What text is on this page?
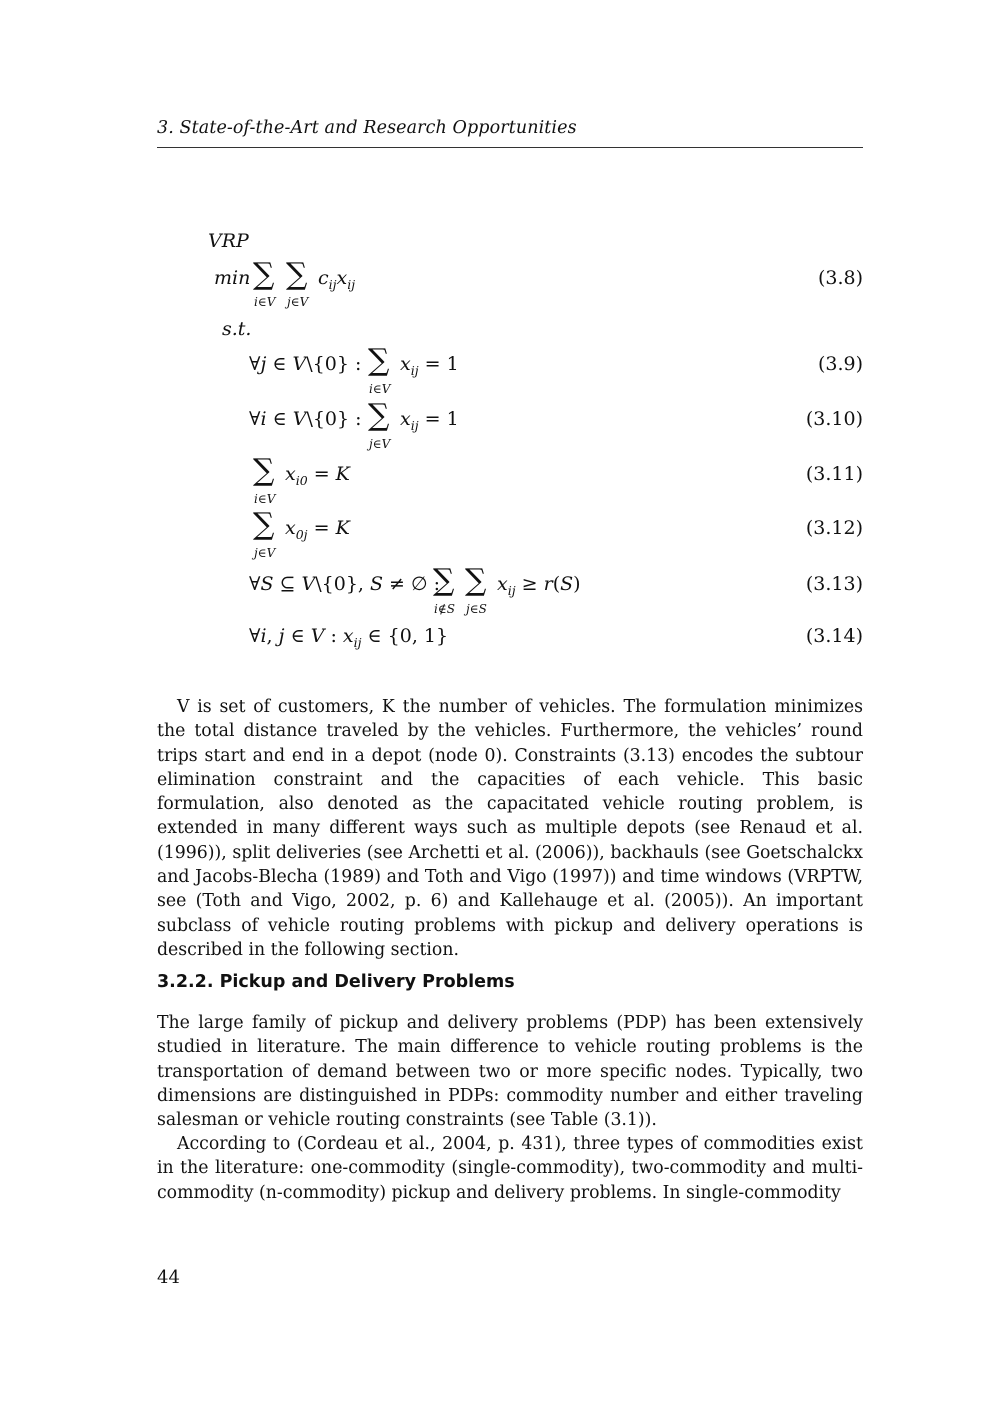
3. State-of-the-Art and Research Opportunities
VRP
min ∑ ∑ $c_{ij}x_{ij}$
i∈V j∈V
(3.8)
s.t.
∀j ∈ V\{0} : ∑ $x_{ij} = 1$
i∈V
(3.9)
∀i ∈ V\{0} : ∑ $x_{ij} = 1$
j∈V
(3.10)
∑ $x_{i0} = K$
i∈V
(3.11)
∑ $x_{0j} = K$
j∈V
(3.12)
∀S ⊆ V\{0}, S ≠ ∅ :
∑ ∑ $x_{ij} \ge r(S)$
i∉S j∈S
(3.13)
∀i, j ∈ V : $x_{ij}$ ∈ {0, 1}	(3.14)

V is set of customers, K the number of vehicles. The formulation minimizes the total distance traveled by the vehicles. Furthermore, the vehicles’ round trips start and end in a depot (node 0). Constraints (3.13) encodes the subtour elimination constraint and the capacities of each vehicle. This basic formulation, also denoted as the capacitated vehicle routing problem, is extended in many different ways such as multiple depots (see Renaud et al. (1996)), split deliveries (see Archetti et al. (2006)), backhauls (see Goetschalckx and Jacobs-Blecha (1989) and Toth and Vigo (1997)) and time windows (VRPTW, see (Toth and Vigo, 2002, p. 6) and Kallehauge et al. (2005)). An important subclass of vehicle routing problems with pickup and delivery operations is described in the following section.

3.2.2. Pickup and Delivery Problems

The large family of pickup and delivery problems (PDP) has been extensively studied in literature. The main difference to vehicle routing problems is the transportation of demand between two or more specific nodes. Typically, two dimensions are distinguished in PDPs: commodity number and either traveling salesman or vehicle routing constraints (see Table (3.1)).

According to (Cordeau et al., 2004, p. 431), three types of commodities exist in the literature: one-commodity (single-commodity), two-commodity and multi-commodity (n-commodity) pickup and delivery problems. In single-commodity

44
